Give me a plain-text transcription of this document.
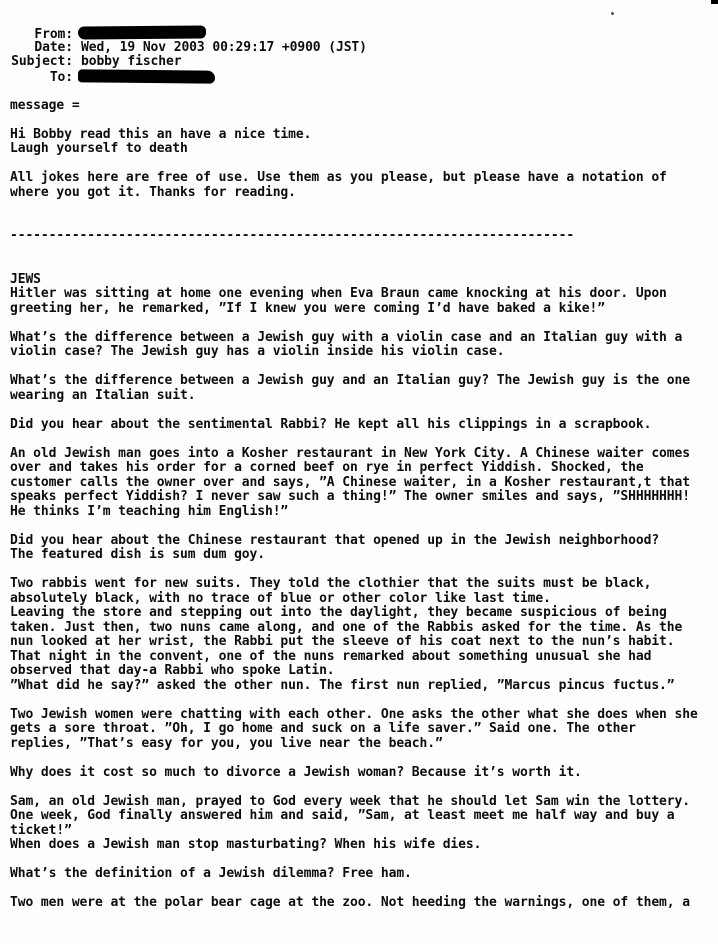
From:
Date: Wed, 19 Nov 2003 00:29:17 +0900 (JST)
Subject: bobby fischer
To:

message =

Hi Bobby read this an have a nice time.
Laugh yourself to death

All jokes here are free of use. Use them as you please, but please have a notation of
where you got it. Thanks for reading.

-------------------------------------------------------------------------

JEWS
Hitler was sitting at home one evening when Eva Braun came knocking at his door. Upon
greeting her, he remarked, ”If I knew you were coming I’d have baked a kike!”

What’s the difference between a Jewish guy with a violin case and an Italian guy with a
violin case? The Jewish guy has a violin inside his violin case.

What’s the difference between a Jewish guy and an Italian guy? The Jewish guy is the one
wearing an Italian suit.

Did you hear about the sentimental Rabbi? He kept all his clippings in a scrapbook.

An old Jewish man goes into a Kosher restaurant in New York City. A Chinese waiter comes
over and takes his order for a corned beef on rye in perfect Yiddish. Shocked, the
customer calls the owner over and says, ”A Chinese waiter, in a Kosher restaurant,t that
speaks perfect Yiddish? I never saw such a thing!” The owner smiles and says, ”SHHHHHHH!
He thinks I’m teaching him English!”

Did you hear about the Chinese restaurant that opened up in the Jewish neighborhood?
The featured dish is sum dum goy.

Two rabbis went for new suits. They told the clothier that the suits must be black,
absolutely black, with no trace of blue or other color like last time.
Leaving the store and stepping out into the daylight, they became suspicious of being
taken. Just then, two nuns came along, and one of the Rabbis asked for the time. As the
nun looked at her wrist, the Rabbi put the sleeve of his coat next to the nun’s habit.
That night in the convent, one of the nuns remarked about something unusual she had
observed that day-a Rabbi who spoke Latin.
”What did he say?” asked the other nun. The first nun replied, ”Marcus pincus fuctus.”

Two Jewish women were chatting with each other. One asks the other what she does when she
gets a sore throat. ”Oh, I go home and suck on a life saver.” Said one. The other
replies, ”That’s easy for you, you live near the beach.”

Why does it cost so much to divorce a Jewish woman? Because it’s worth it.

Sam, an old Jewish man, prayed to God every week that he should let Sam win the lottery.
One week, God finally answered him and said, ”Sam, at least meet me half way and buy a
ticket!”
When does a Jewish man stop masturbating? When his wife dies.

What’s the definition of a Jewish dilemma? Free ham.

Two men were at the polar bear cage at the zoo. Not heeding the warnings, one of them, a
